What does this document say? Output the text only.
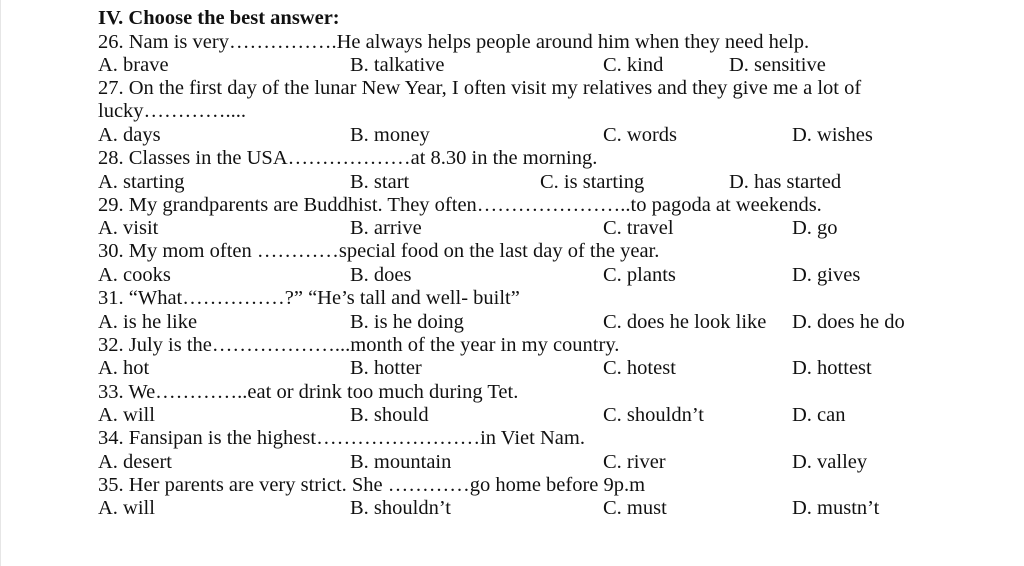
IV. Choose the best answer:
26. Nam is very…………….He always helps people around him when they need help.
A. brave	B. talkative	C. kind	D. sensitive
27. On the first day of the lunar New Year, I often visit my relatives and they give me a lot of
lucky…………....
A. days	B. money	C. words	D. wishes
28. Classes in the USA………………at 8.30 in the morning.
A. starting	B. start	C. is starting	D. has started
29. My grandparents are Buddhist. They often…………………..to pagoda at weekends.
A. visit	B. arrive	C. travel	D. go
30. My mom often …………special food on the last day of the year.
A. cooks	B. does	C. plants	D. gives
31. “What……………?” “He’s tall and well- built”
A. is he like	B. is he doing	C. does he look like D. does he do
32. July is the………………...month of the year in my country.
A. hot	B. hotter	C. hotest	D. hottest
33. We…………..eat or drink too much during Tet.
A. will	B. should	C. shouldn’t	D. can
34. Fansipan is the highest……………………in Viet Nam.
A. desert	B. mountain	C. river	D. valley
35. Her parents are very strict. She …………go home before 9p.m
A. will	B. shouldn’t	C. must	D. mustn’t
